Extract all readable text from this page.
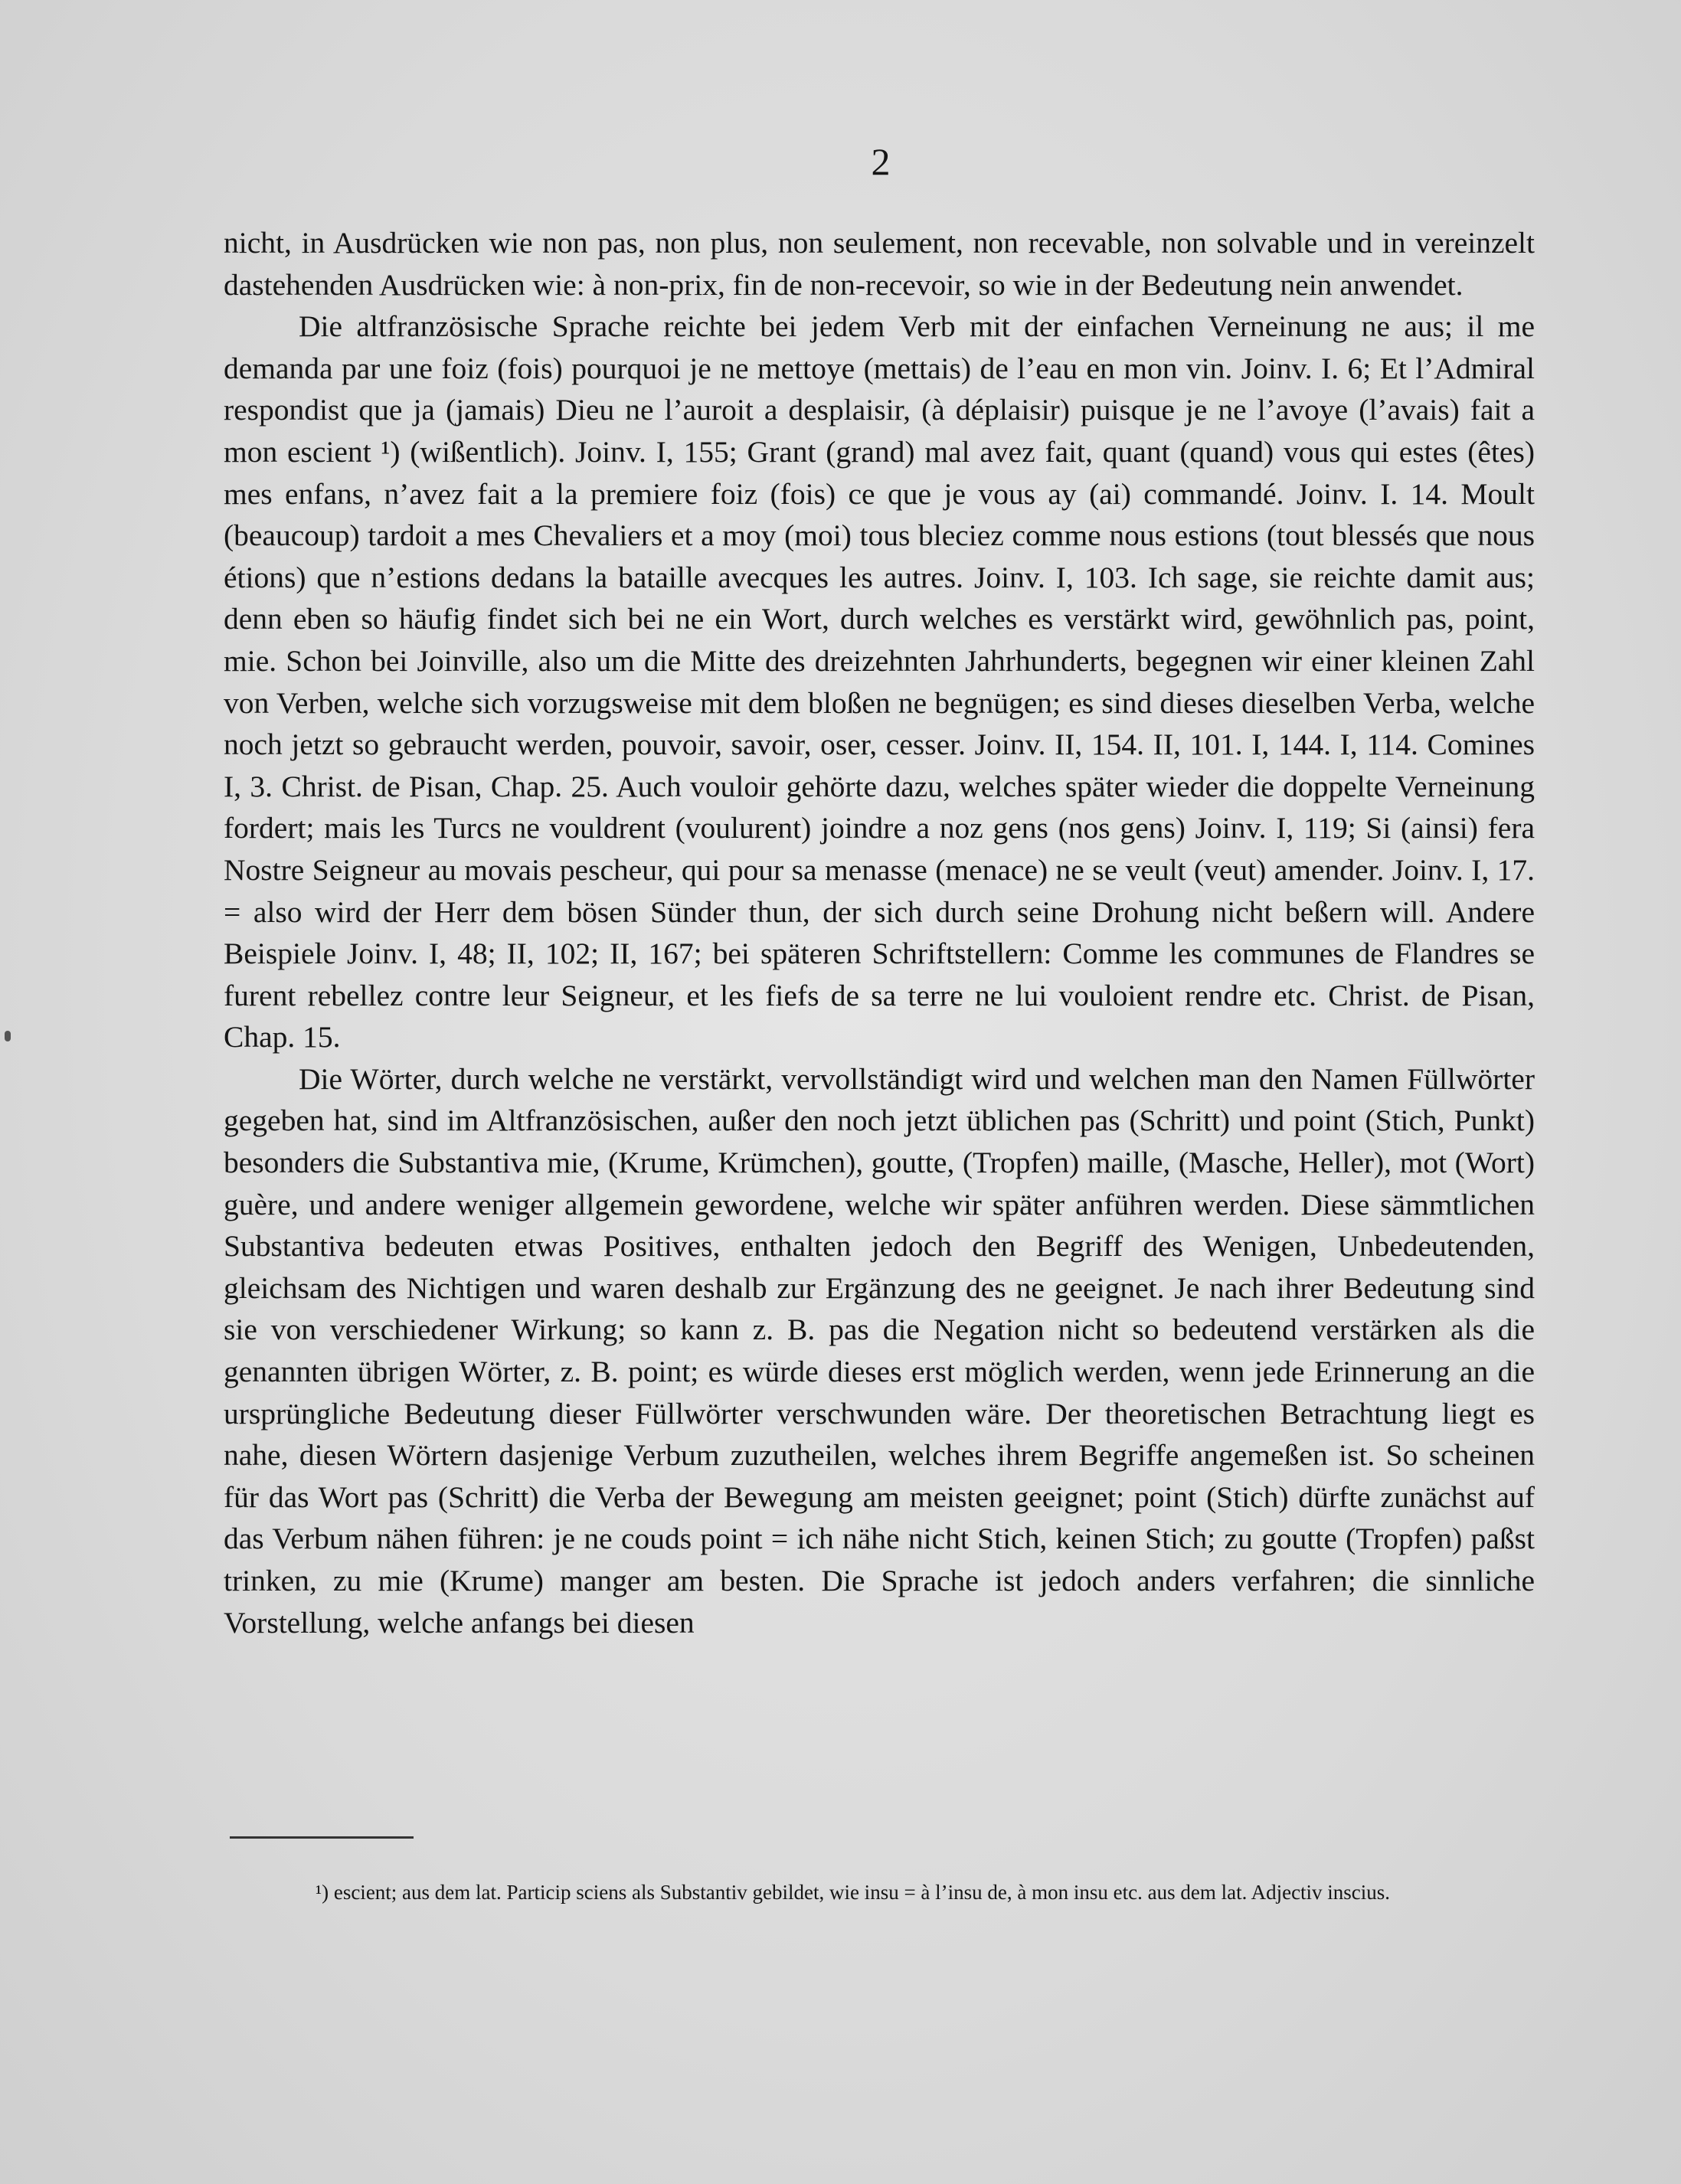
2

nicht, in Ausdrücken wie non pas, non plus, non seulement, non recevable, non solvable und in vereinzelt dastehenden Ausdrücken wie: à non-prix, fin de non-recevoir, so wie in der Bedeutung nein anwendet.

Die altfranzösische Sprache reichte bei jedem Verb mit der einfachen Verneinung ne aus; il me demanda par une foiz (fois) pourquoi je ne mettoye (mettais) de l’eau en mon vin. Joinv. I. 6; Et l’Admiral respondist que ja (jamais) Dieu ne l’auroit a desplaisir, (à déplaisir) puisque je ne l’avoye (l’avais) fait a mon escient ¹) (wißentlich). Joinv. I, 155; Grant (grand) mal avez fait, quant (quand) vous qui estes (êtes) mes enfans, n’avez fait a la premiere foiz (fois) ce que je vous ay (ai) commandé. Joinv. I. 14. Moult (beaucoup) tardoit a mes Chevaliers et a moy (moi) tous bleciez comme nous estions (tout blessés que nous étions) que n’estions dedans la bataille avecques les autres. Joinv. I, 103. Ich sage, sie reichte damit aus; denn eben so häufig findet sich bei ne ein Wort, durch welches es verstärkt wird, gewöhnlich pas, point, mie. Schon bei Joinville, also um die Mitte des dreizehnten Jahrhunderts, begegnen wir einer kleinen Zahl von Verben, welche sich vorzugsweise mit dem bloßen ne begnügen; es sind dieses dieselben Verba, welche noch jetzt so gebraucht werden, pouvoir, savoir, oser, cesser. Joinv. II, 154. II, 101. I, 144. I, 114. Comines I, 3. Christ. de Pisan, Chap. 25. Auch vouloir gehörte dazu, welches später wieder die doppelte Verneinung fordert; mais les Turcs ne vouldrent (voulurent) joindre a noz gens (nos gens) Joinv. I, 119; Si (ainsi) fera Nostre Seigneur au movais pescheur, qui pour sa menasse (menace) ne se veult (veut) amender. Joinv. I, 17. = also wird der Herr dem bösen Sünder thun, der sich durch seine Drohung nicht beßern will. Andere Beispiele Joinv. I, 48; II, 102; II, 167; bei späteren Schriftstellern: Comme les communes de Flandres se furent rebellez contre leur Seigneur, et les fiefs de sa terre ne lui vouloient rendre etc. Christ. de Pisan, Chap. 15.

Die Wörter, durch welche ne verstärkt, vervollständigt wird und welchen man den Namen Füllwörter gegeben hat, sind im Altfranzösischen, außer den noch jetzt üblichen pas (Schritt) und point (Stich, Punkt) besonders die Substantiva mie, (Krume, Krümchen), goutte, (Tropfen) maille, (Masche, Heller), mot (Wort) guère, und andere weniger allgemein gewordene, welche wir später anführen werden. Diese sämmtlichen Substantiva bedeuten etwas Positives, enthalten jedoch den Begriff des Wenigen, Unbedeutenden, gleichsam des Nichtigen und waren deshalb zur Ergänzung des ne geeignet. Je nach ihrer Bedeutung sind sie von verschiedener Wirkung; so kann z. B. pas die Negation nicht so bedeutend verstärken als die genannten übrigen Wörter, z. B. point; es würde dieses erst möglich werden, wenn jede Erinnerung an die ursprüngliche Bedeutung dieser Füllwörter verschwunden wäre. Der theoretischen Betrachtung liegt es nahe, diesen Wörtern dasjenige Verbum zuzutheilen, welches ihrem Begriffe angemeßen ist. So scheinen für das Wort pas (Schritt) die Verba der Bewegung am meisten geeignet; point (Stich) dürfte zunächst auf das Verbum nähen führen: je ne couds point = ich nähe nicht Stich, keinen Stich; zu goutte (Tropfen) paßst trinken, zu mie (Krume) manger am besten. Die Sprache ist jedoch anders verfahren; die sinnliche Vorstellung, welche anfangs bei diesen

¹) escient; aus dem lat. Particip sciens als Substantiv gebildet, wie insu = à l’insu de, à mon insu etc. aus dem lat. Adjectiv inscius.
